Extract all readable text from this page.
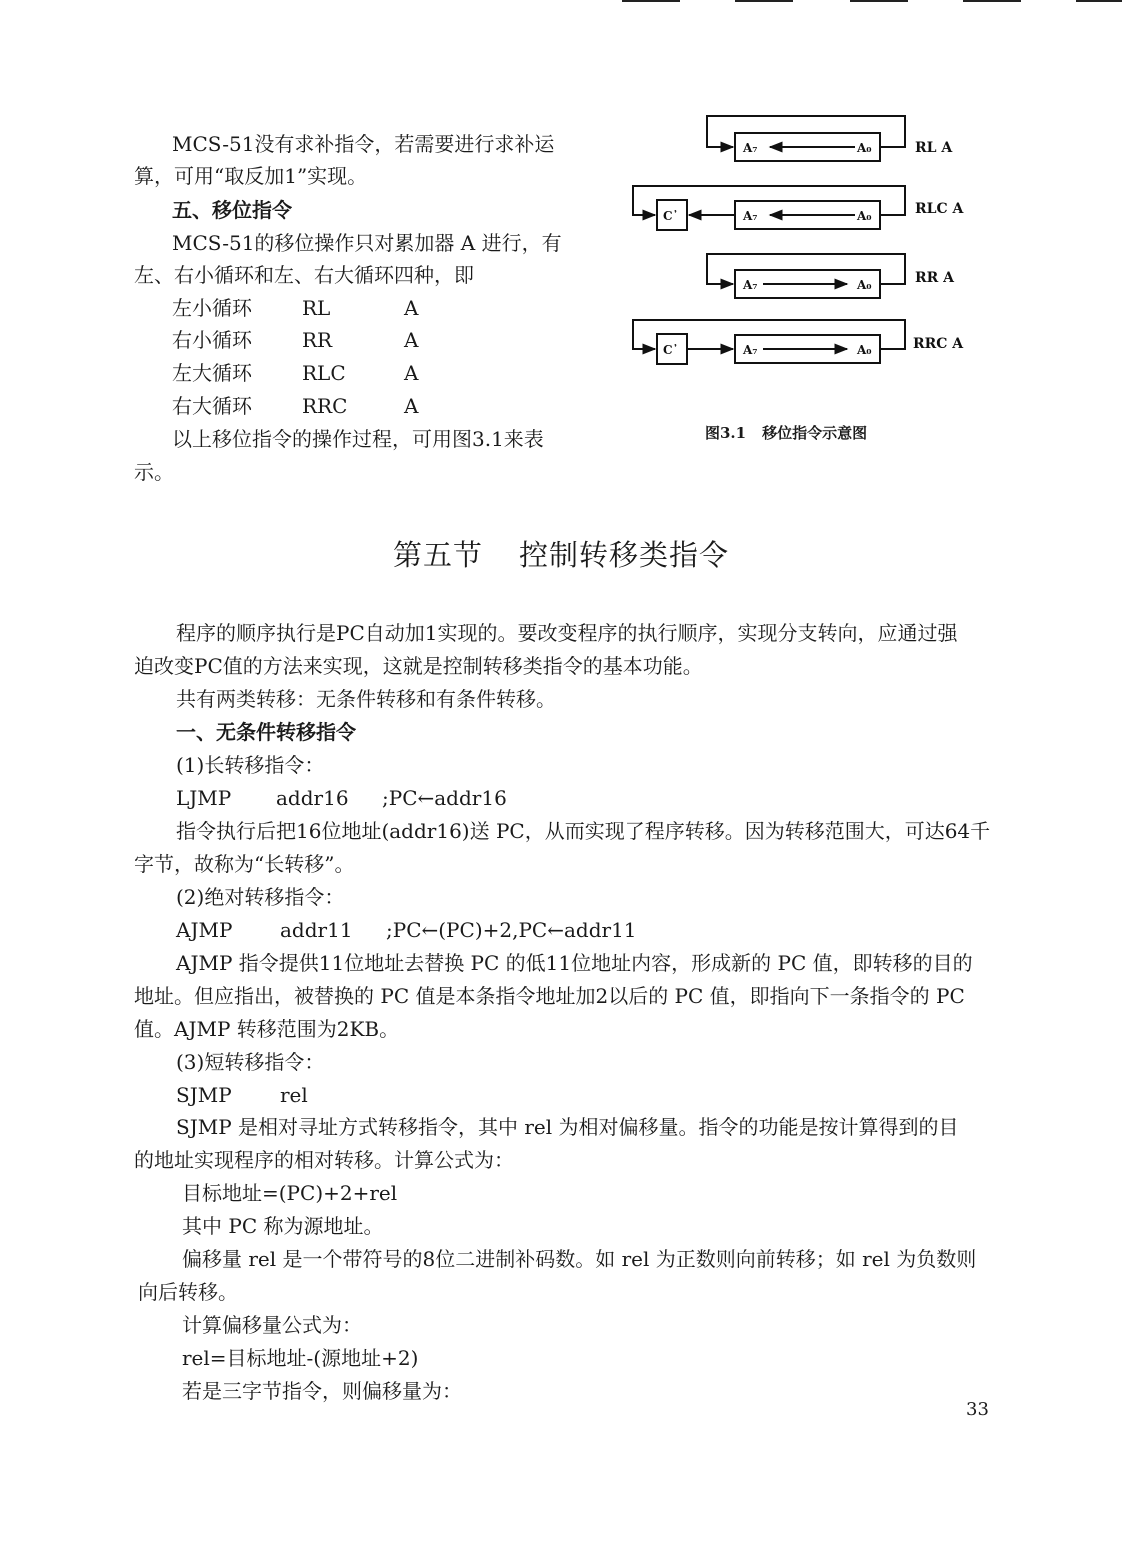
MCS-51没有求补指令，若需要进行求补运

算，可用“取反加1”实现。

五、移位指令

MCS-51的移位操作只对累加器 A 进行，有

左、右小循环和左、右大循环四种，即

左小循环	RL	A
右小循环	RR	A
左大循环	RLC	A
右大循环	RRC	A

以上移位指令的操作过程，可用图3.1来表

示。

A₇	A₀
C᾽	A₇	A₀
A₇	A₀
C᾽	A₇	A₀
RL A
RLC A
RR A
RRC A
图3.1 移位指令示意图
第五节 控制转移类指令

程序的顺序执行是PC自动加1实现的。要改变程序的执行顺序，实现分支转向，应通过强

迫改变PC值的方法来实现，这就是控制转移类指令的基本功能。

共有两类转移：无条件转移和有条件转移。

一、无条件转移指令

(1)长转移指令：

LJMP addr16 ;PC←addr16

指令执行后把16位地址(addr16)送 PC，从而实现了程序转移。因为转移范围大，可达64千

字节，故称为“长转移”。

(2)绝对转移指令：

AJMP addr11 ;PC←(PC)+2,PC←addr11

AJMP 指令提供11位地址去替换 PC 的低11位地址内容，形成新的 PC 值，即转移的目的

地址。但应指出，被替换的 PC 值是本条指令地址加2以后的 PC 值，即指向下一条指令的 PC

值。AJMP 转移范围为2KB。

(3)短转移指令：

SJMP rel

SJMP 是相对寻址方式转移指令，其中 rel 为相对偏移量。指令的功能是按计算得到的目

的地址实现程序的相对转移。计算公式为：

目标地址=(PC)+2+rel

其中 PC 称为源地址。

偏移量 rel 是一个带符号的8位二进制补码数。如 rel 为正数则向前转移；如 rel 为负数则

向后转移。

计算偏移量公式为：

rel=目标地址-(源地址+2)

若是三字节指令，则偏移量为：

33
